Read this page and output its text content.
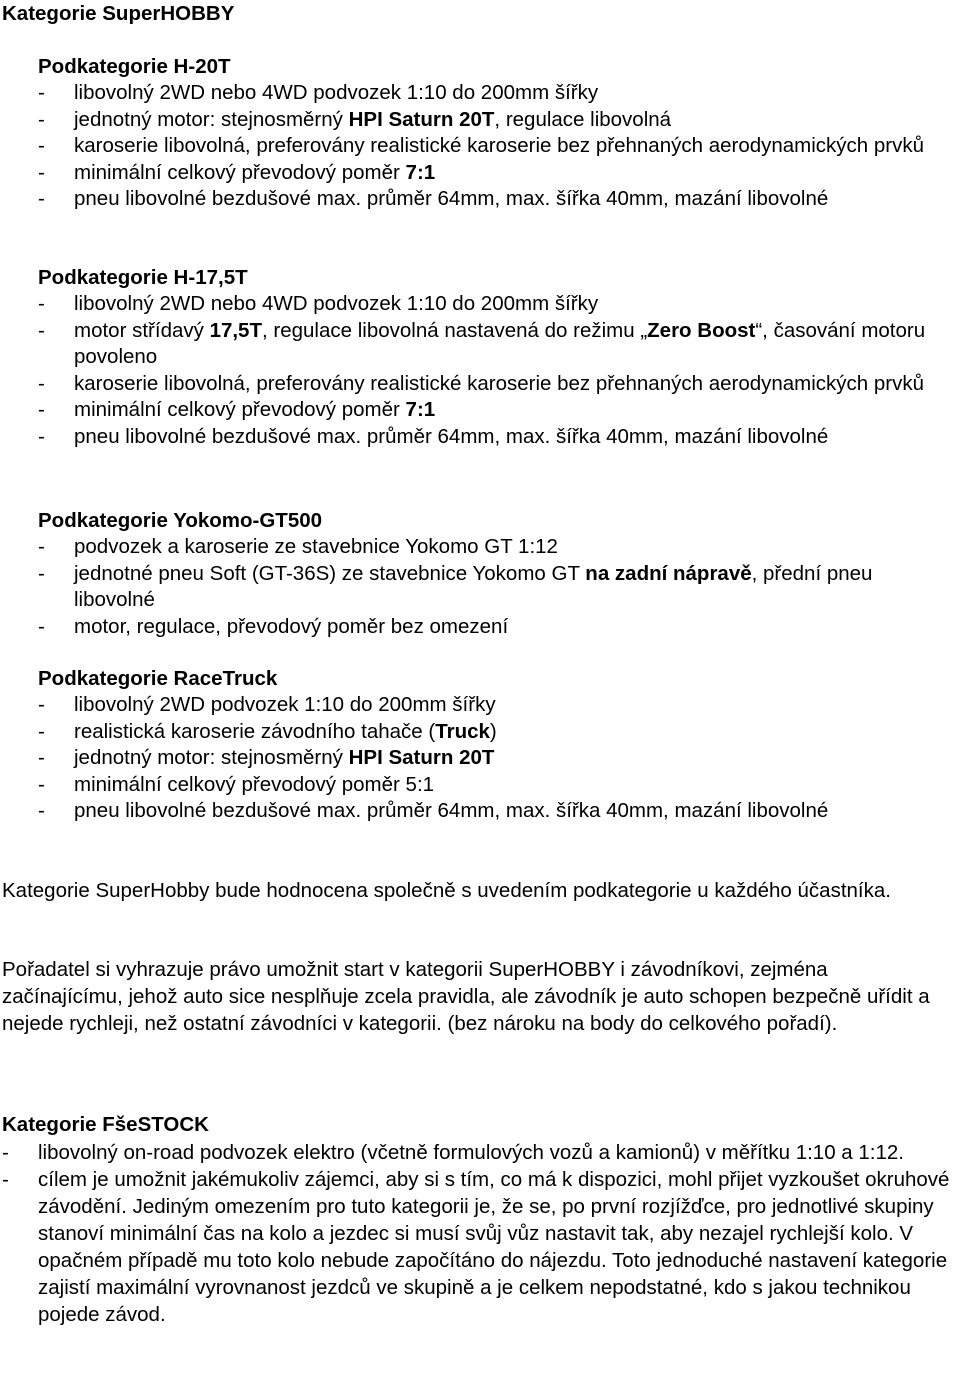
Kategorie SuperHOBBY
Podkategorie H-20T
- libovolný 2WD nebo 4WD podvozek 1:10 do 200mm šířky
- jednotný motor: stejnosměrný HPI Saturn 20T, regulace libovolná
- karoserie libovolná, preferovány realistické karoserie bez přehnaných aerodynamických prvků
- minimální celkový převodový poměr 7:1
- pneu libovolné bezdušové max. průměr 64mm, max. šířka 40mm, mazání libovolné
Podkategorie H-17,5T
- libovolný 2WD nebo 4WD podvozek 1:10 do 200mm šířky
- motor střídavý 17,5T, regulace libovolná nastavená do režimu „Zero Boost“, časování motoru povoleno
- karoserie libovolná, preferovány realistické karoserie bez přehnaných aerodynamických prvků
- minimální celkový převodový poměr 7:1
- pneu libovolné bezdušové max. průměr 64mm, max. šířka 40mm, mazání libovolné
Podkategorie Yokomo-GT500
- podvozek a karoserie ze stavebnice Yokomo GT 1:12
- jednotné pneu Soft (GT-36S) ze stavebnice Yokomo GT na zadní nápravě, přední pneu libovolné
- motor, regulace, převodový poměr bez omezení
Podkategorie RaceTruck
- libovolný 2WD podvozek 1:10 do 200mm šířky
- realistická karoserie závodního tahače (Truck)
- jednotný motor: stejnosměrný HPI Saturn 20T
- minimální celkový převodový poměr 5:1
- pneu libovolné bezdušové max. průměr 64mm, max. šířka 40mm, mazání libovolné

Kategorie SuperHobby bude hodnocena společně s uvedením podkategorie u každého účastníka.

Pořadatel si vyhrazuje právo umožnit start v kategorii SuperHOBBY i závodníkovi, zejména začínajícímu, jehož auto sice nesplňuje zcela pravidla, ale závodník je auto schopen bezpečně uřídit a nejede rychleji, než ostatní závodníci v kategorii. (bez nároku na body do celkového pořadí).

Kategorie FšeSTOCK
- libovolný on-road podvozek elektro (včetně formulových vozů a kamionů) v měřítku 1:10 a 1:12.
- cílem je umožnit jakémukoliv zájemci, aby si s tím, co má k dispozici, mohl přijet vyzkoušet okruhové závodění. Jediným omezením pro tuto kategorii je, že se, po první rozjížďce, pro jednotlivé skupiny stanoví minimální čas na kolo a jezdec si musí svůj vůz nastavit tak, aby nezajel rychlejší kolo. V opačném případě mu toto kolo nebude započítáno do nájezdu. Toto jednoduché nastavení kategorie zajistí maximální vyrovnanost jezdců ve skupině a je celkem nepodstatné, kdo s jakou technikou pojede závod.
